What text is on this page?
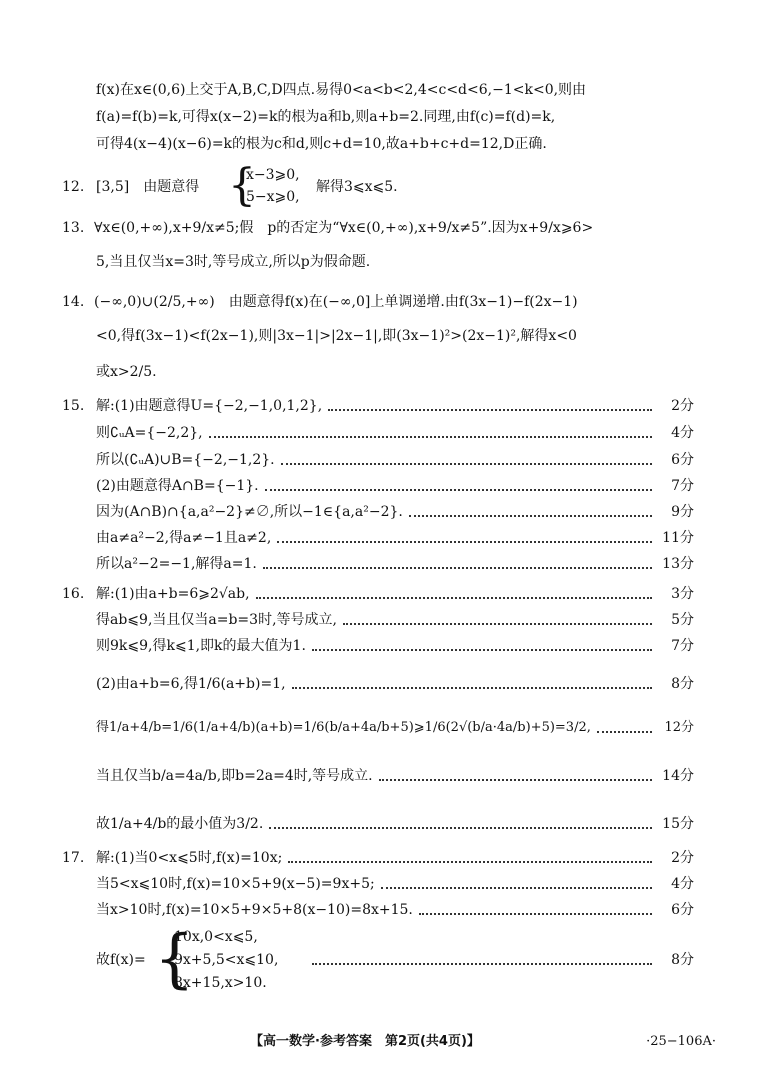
f(x)在x∈(0,6)上交于A,B,C,D四点.易得0<a<b<2,4<c<d<6,−1<k<0,则由
f(a)=f(b)=k,可得x(x−2)=k的根为a和b,则a+b=2.同理,由f(c)=f(d)=k,
可得4(x−4)(x−6)=k的根为c和d,则c+d=10,故a+b+c+d=12,D正确.
12. [3,5]　由题意得 {
x−3⩾0,
5−x⩾0,
解得3⩽x⩽5.
13. ∀x∈(0,+∞),x+9/x≠5;假　p的否定为“∀x∈(0,+∞),x+9/x≠5”.因为x+9/x⩾6>
5,当且仅当x=3时,等号成立,所以p为假命题.
14. (−∞,0)∪(2/5,+∞)　由题意得f(x)在(−∞,0]上单调递增.由f(3x−1)−f(2x−1)
<0,得f(3x−1)<f(2x−1),则|3x−1|>|2x−1|,即(3x−1)²>(2x−1)²,解得x<0
或x>2/5.
15. 解:(1)由题意得U={−2,−1,0,1,2},	2分
则∁ᵤA={−2,2},	4分
所以(∁ᵤA)∪B={−2,−1,2}.	6分
(2)由题意得A∩B={−1}.	7分
因为(A∩B)∩{a,a²−2}≠∅,所以−1∈{a,a²−2}.	9分
由a≠a²−2,得a≠−1且a≠2,	11分
所以a²−2=−1,解得a=1.	13分
16. 解:(1)由a+b=6⩾2√ab,	3分
得ab⩽9,当且仅当a=b=3时,等号成立,	5分
则9k⩽9,得k⩽1,即k的最大值为1.	7分
(2)由a+b=6,得1/6(a+b)=1,	8分
得1/a+4/b=1/6(1/a+4/b)(a+b)=1/6(b/a+4a/b+5)⩾1/6(2√(b/a·4a/b)+5)=3/2,	12分
当且仅当b/a=4a/b,即b=2a=4时,等号成立.	14分
故1/a+4/b的最小值为3/2.	15分
17. 解:(1)当0<x⩽5时,f(x)=10x;	2分
当5<x⩽10时,f(x)=10×5+9(x−5)=9x+5;	4分
当x>10时,f(x)=10×5+9×5+8(x−10)=8x+15.	6分
故f(x)= {
10x,0<x⩽5,
9x+5,5<x⩽10,
8x+15,x>10.
8分
【高一数学·参考答案　第2页(共4页)】	·25−106A·
